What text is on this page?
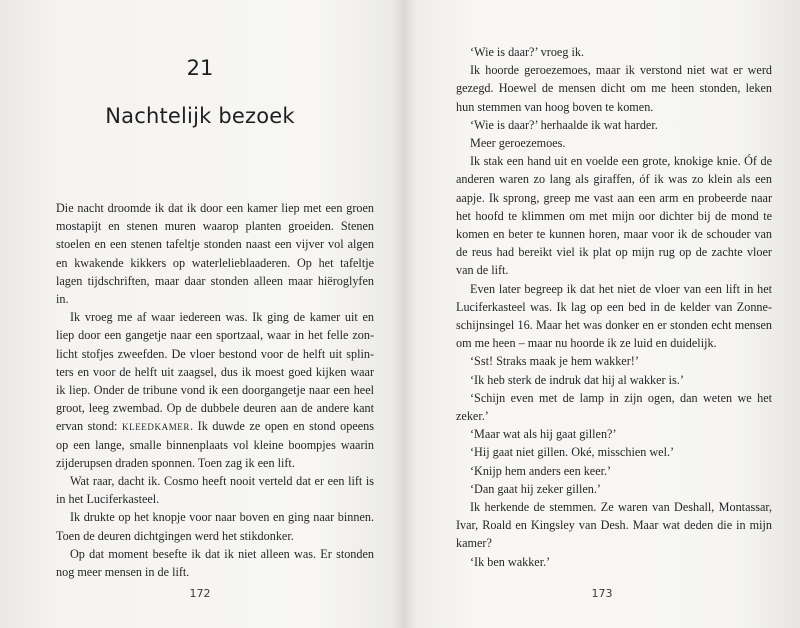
21
Nachtelijk bezoek

Die nacht droomde ik dat ik door een kamer liep met een groen mostapijt en stenen muren waarop planten groeiden. Stenen stoelen en een stenen tafeltje stonden naast een vijver vol algen en kwakende kikkers op waterlelieblaaderen. Op het tafeltje lagen tijdschriften, maar daar stonden alleen maar hiëroglyfen in.

Ik vroeg me af waar iedereen was. Ik ging de kamer uit en liep door een gangetje naar een sportzaal, waar in het felle zonlicht stofjes zweefden. De vloer bestond voor de helft uit splinters en voor de helft uit zaagsel, dus ik moest goed kijken waar ik liep. Onder de tribune vond ik een doorgangetje naar een heel groot, leeg zwembad. Op de dubbele deuren aan de andere kant ervan stond: kleedkamer. Ik duwde ze open en stond opeens op een lange, smalle binnenplaats vol kleine boompjes waarin zijderupsen draden sponnen. Toen zag ik een lift.

Wat raar, dacht ik. Cosmo heeft nooit verteld dat er een lift is in het Luciferkasteel.

Ik drukte op het knopje voor naar boven en ging naar binnen. Toen de deuren dichtgingen werd het stikdonker.

Op dat moment besefte ik dat ik niet alleen was. Er stonden nog meer mensen in de lift.

172

‘Wie is daar?’ vroeg ik.

Ik hoorde geroezemoes, maar ik verstond niet wat er werd gezegd. Hoewel de mensen dicht om me heen stonden, leken hun stemmen van hoog boven te komen.

‘Wie is daar?’ herhaalde ik wat harder.

Meer geroezemoes.

Ik stak een hand uit en voelde een grote, knokige knie. Óf de anderen waren zo lang als giraffen, óf ik was zo klein als een aapje. Ik sprong, greep me vast aan een arm en probeerde naar het hoofd te klimmen om met mijn oor dichter bij de mond te komen en beter te kunnen horen, maar voor ik de schouder van de reus had bereikt viel ik plat op mijn rug op de zachte vloer van de lift.

Even later begreep ik dat het niet de vloer van een lift in het Luciferkasteel was. Ik lag op een bed in de kelder van Zonneschijnsingel 16. Maar het was donker en er stonden echt mensen om me heen – maar nu hoorde ik ze luid en duidelijk.

‘Sst! Straks maak je hem wakker!’

‘Ik heb sterk de indruk dat hij al wakker is.’

‘Schijn even met de lamp in zijn ogen, dan weten we het zeker.’

‘Maar wat als hij gaat gillen?’

‘Hij gaat niet gillen. Oké, misschien wel.’

‘Knijp hem anders een keer.’

‘Dan gaat hij zeker gillen.’

Ik herkende de stemmen. Ze waren van Deshall, Montassar, Ivar, Roald en Kingsley van Desh. Maar wat deden die in mijn kamer?

‘Ik ben wakker.’

173
